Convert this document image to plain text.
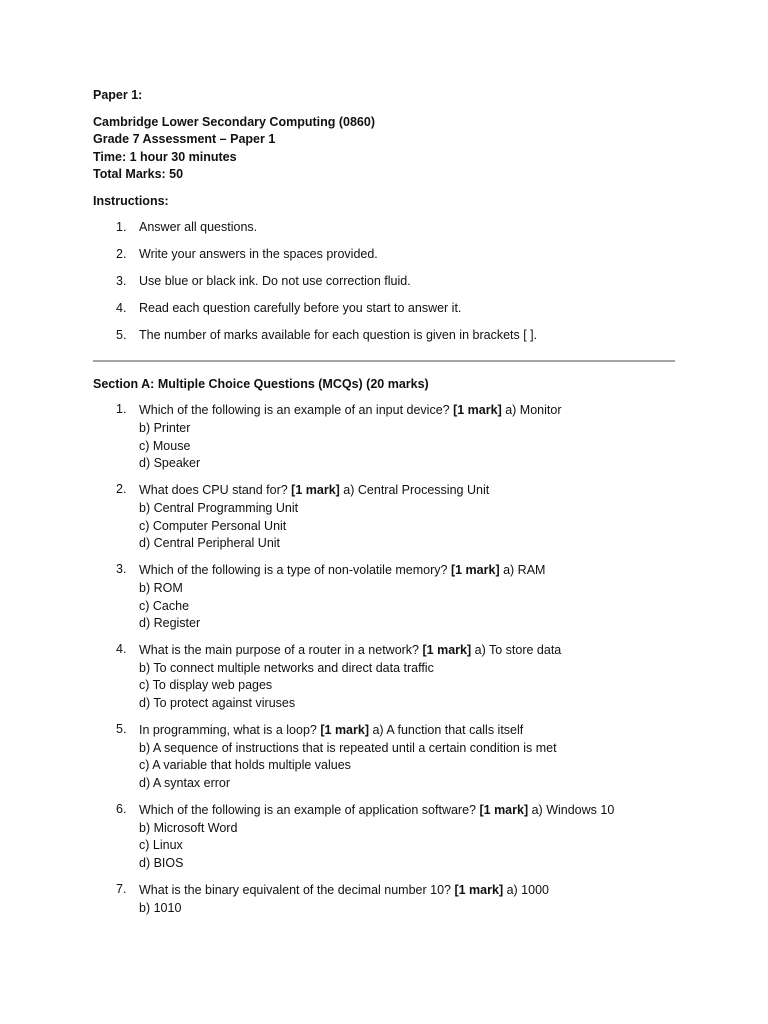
Paper 1:
Cambridge Lower Secondary Computing (0860)
Grade 7 Assessment – Paper 1
Time: 1 hour 30 minutes
Total Marks: 50
Instructions:
1. Answer all questions.
2. Write your answers in the spaces provided.
3. Use blue or black ink. Do not use correction fluid.
4. Read each question carefully before you start to answer it.
5. The number of marks available for each question is given in brackets [ ].
Section A: Multiple Choice Questions (MCQs) (20 marks)
1. Which of the following is an example of an input device? [1 mark] a) Monitor
b) Printer
c) Mouse
d) Speaker
2. What does CPU stand for? [1 mark] a) Central Processing Unit
b) Central Programming Unit
c) Computer Personal Unit
d) Central Peripheral Unit
3. Which of the following is a type of non-volatile memory? [1 mark] a) RAM
b) ROM
c) Cache
d) Register
4. What is the main purpose of a router in a network? [1 mark] a) To store data
b) To connect multiple networks and direct data traffic
c) To display web pages
d) To protect against viruses
5. In programming, what is a loop? [1 mark] a) A function that calls itself
b) A sequence of instructions that is repeated until a certain condition is met
c) A variable that holds multiple values
d) A syntax error
6. Which of the following is an example of application software? [1 mark] a) Windows 10
b) Microsoft Word
c) Linux
d) BIOS
7. What is the binary equivalent of the decimal number 10? [1 mark] a) 1000
b) 1010
